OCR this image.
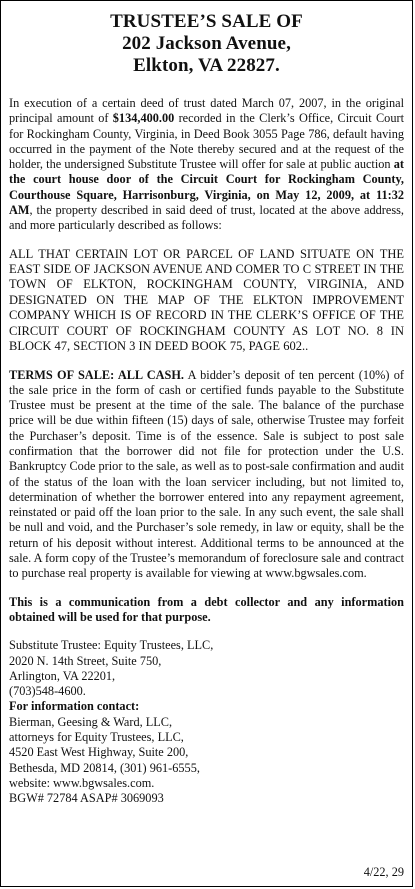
TRUSTEE’S SALE OF
202 Jackson Avenue,
Elkton, VA 22827.

In execution of a certain deed of trust dated March 07, 2007, in the original principal amount of $134,400.00 recorded in the Clerk’s Office, Circuit Court for Rockingham County, Virginia, in Deed Book 3055 Page 786, default having occurred in the payment of the Note thereby secured and at the request of the holder, the undersigned Substitute Trustee will offer for sale at public auction at the court house door of the Circuit Court for Rockingham County, Courthouse Square, Harrisonburg, Virginia, on May 12, 2009, at 11:32 AM, the property described in said deed of trust, located at the above address, and more particularly described as follows:

ALL THAT CERTAIN LOT OR PARCEL OF LAND SITUATE ON THE EAST SIDE OF JACKSON AVENUE AND COMER TO C STREET IN THE TOWN OF ELKTON, ROCKINGHAM COUNTY, VIRGINIA, AND DESIGNATED ON THE MAP OF THE ELKTON IMPROVEMENT COMPANY WHICH IS OF RECORD IN THE CLERK’S OFFICE OF THE CIRCUIT COURT OF ROCKINGHAM COUNTY AS LOT NO. 8 IN BLOCK 47, SECTION 3 IN DEED BOOK 75, PAGE 602..

TERMS OF SALE: ALL CASH. A bidder’s deposit of ten percent (10%) of the sale price in the form of cash or certified funds payable to the Substitute Trustee must be present at the time of the sale. The balance of the purchase price will be due within fifteen (15) days of sale, otherwise Trustee may forfeit the Purchaser’s deposit. Time is of the essence. Sale is subject to post sale confirmation that the borrower did not file for protection under the U.S. Bankruptcy Code prior to the sale, as well as to post-sale confirmation and audit of the status of the loan with the loan servicer including, but not limited to, determination of whether the borrower entered into any repayment agreement, reinstated or paid off the loan prior to the sale. In any such event, the sale shall be null and void, and the Purchaser’s sole remedy, in law or equity, shall be the return of his deposit without interest. Additional terms to be announced at the sale. A form copy of the Trustee’s memorandum of foreclosure sale and contract to purchase real property is available for viewing at www.bgwsales.com.

This is a communication from a debt collector and any information obtained will be used for that purpose.

Substitute Trustee: Equity Trustees, LLC,
2020 N. 14th Street, Suite 750,
Arlington, VA 22201,
(703)548-4600.
For information contact:
Bierman, Geesing & Ward, LLC,
attorneys for Equity Trustees, LLC,
4520 East West Highway, Suite 200,
Bethesda, MD 20814, (301) 961-6555,
website: www.bgwsales.com.
BGW# 72784 ASAP# 3069093
4/22, 29
